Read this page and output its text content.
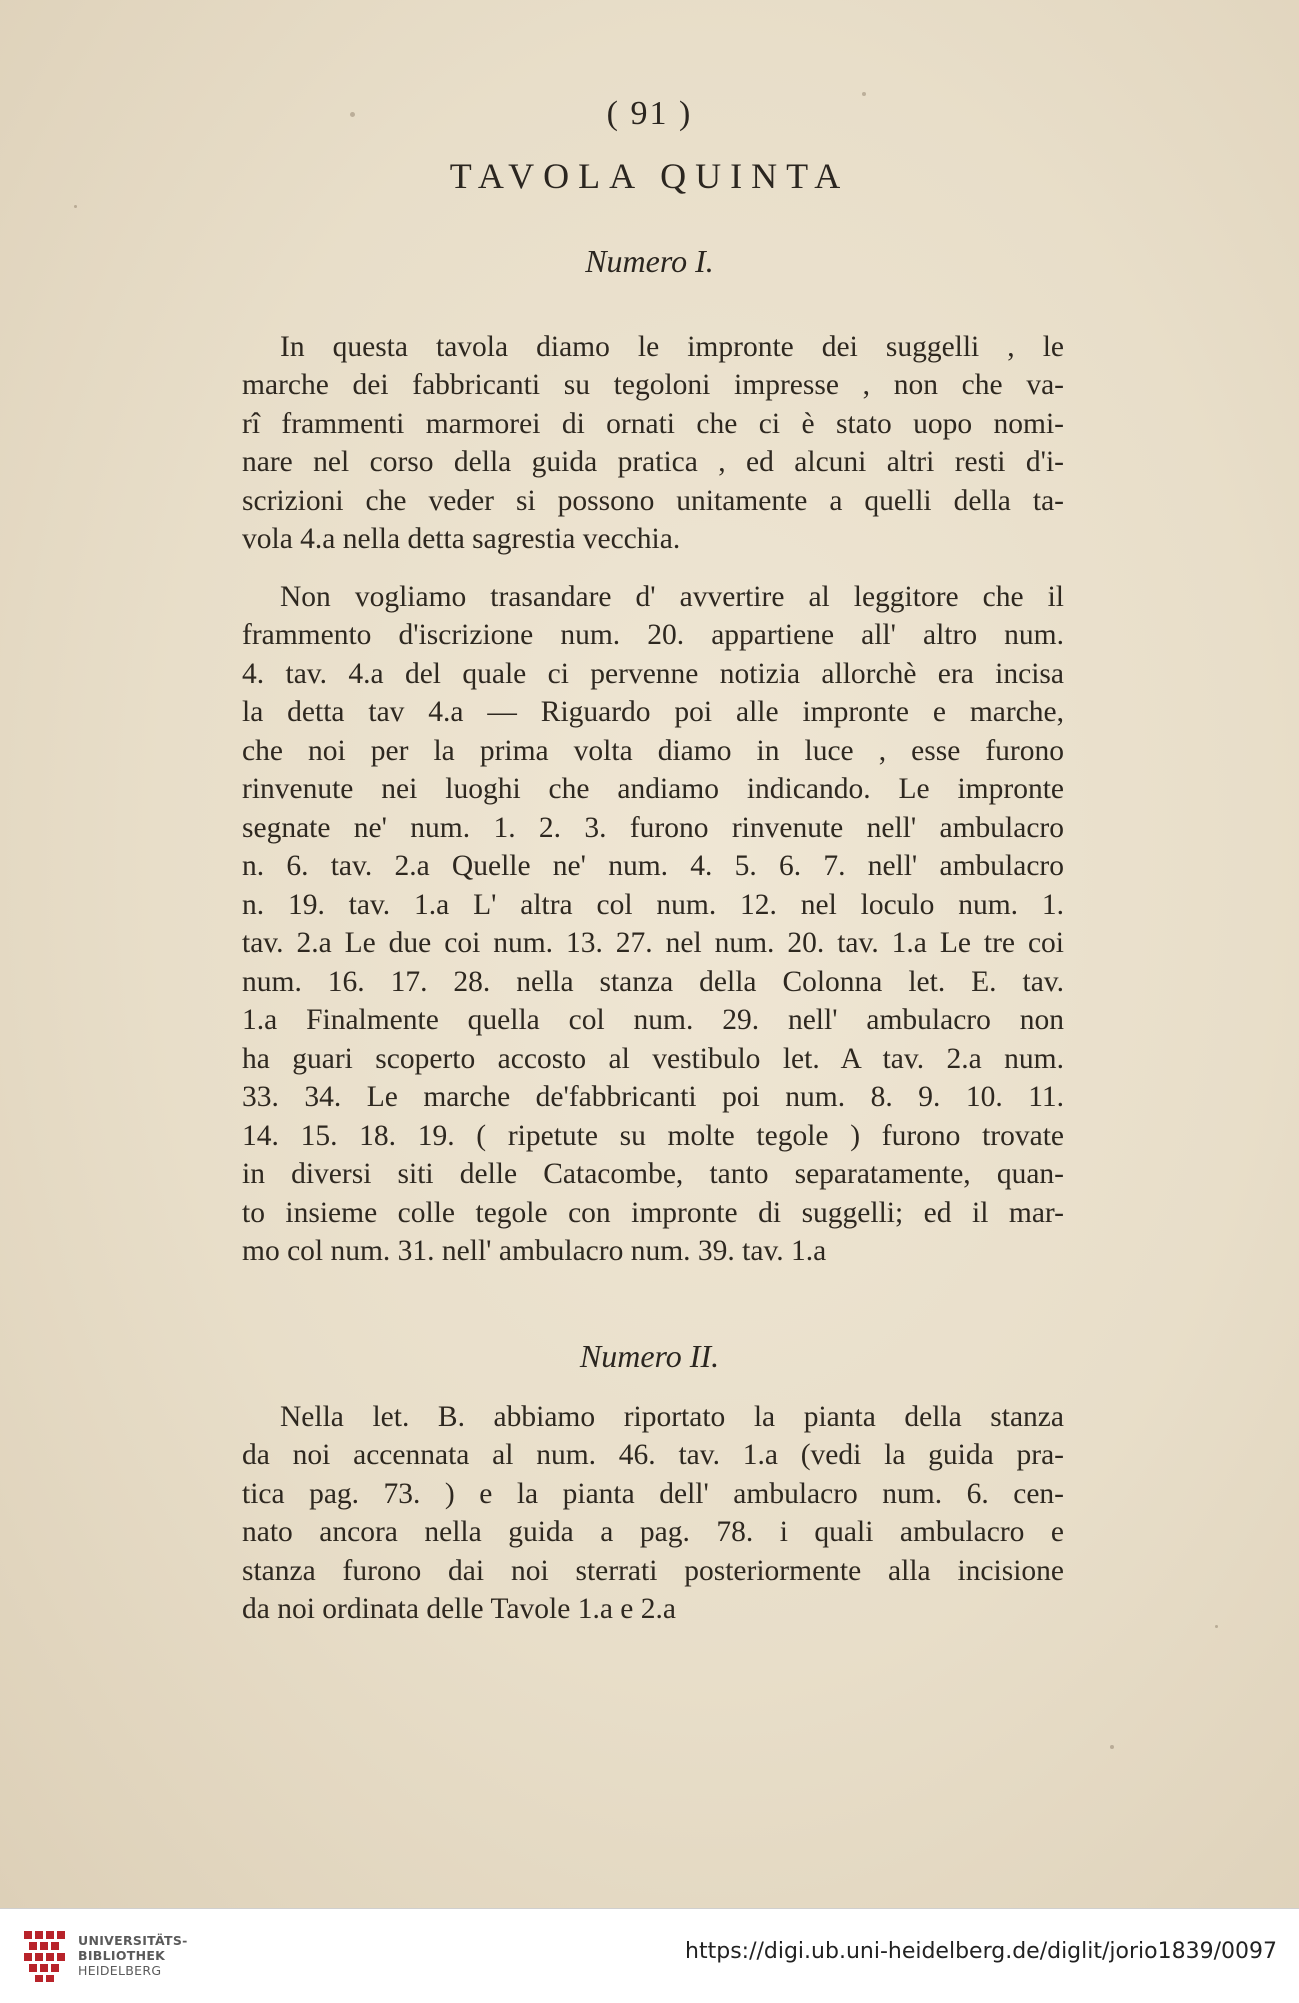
( 91 )
TAVOLA QUINTA
Numero I.
In questa tavola diamo le impronte dei suggelli , le
marche dei fabbricanti su tegoloni impresse , non che va-
rî frammenti marmorei di ornati che ci è stato uopo nomi-
nare nel corso della guida pratica , ed alcuni altri resti d'i-
scrizioni che veder si possono unitamente a quelli della ta-
vola 4.a nella detta sagrestia vecchia.
Non vogliamo trasandare d' avvertire al leggitore che il
frammento d'iscrizione num. 20. appartiene all' altro num.
4. tav. 4.a del quale ci pervenne notizia allorchè era incisa
la detta tav 4.a — Riguardo poi alle impronte e marche,
che noi per la prima volta diamo in luce , esse furono
rinvenute nei luoghi che andiamo indicando. Le impronte
segnate ne' num. 1. 2. 3. furono rinvenute nell' ambulacro
n. 6. tav. 2.a Quelle ne' num. 4. 5. 6. 7. nell' ambulacro
n. 19. tav. 1.a L' altra col num. 12. nel loculo num. 1.
tav. 2.a Le due coi num. 13. 27. nel num. 20. tav. 1.a Le tre coi
num. 16. 17. 28. nella stanza della Colonna let. E. tav.
1.a Finalmente quella col num. 29. nell' ambulacro non
ha guari scoperto accosto al vestibulo let. A tav. 2.a num.
33. 34. Le marche de'fabbricanti poi num. 8. 9. 10. 11.
14. 15. 18. 19. ( ripetute su molte tegole ) furono trovate
in diversi siti delle Catacombe, tanto separatamente, quan-
to insieme colle tegole con impronte di suggelli; ed il mar-
mo col num. 31. nell' ambulacro num. 39. tav. 1.a
Numero II.
Nella let. B. abbiamo riportato la pianta della stanza
da noi accennata al num. 46. tav. 1.a (vedi la guida pra-
tica pag. 73. ) e la pianta dell' ambulacro num. 6. cen-
nato ancora nella guida a pag. 78. i quali ambulacro e
stanza furono dai noi sterrati posteriormente alla incisione
da noi ordinata delle Tavole 1.a e 2.a
UNIVERSITÄTS-
BIBLIOTHEK
HEIDELBERG
https://digi.ub.uni-heidelberg.de/diglit/jorio1839/0097
